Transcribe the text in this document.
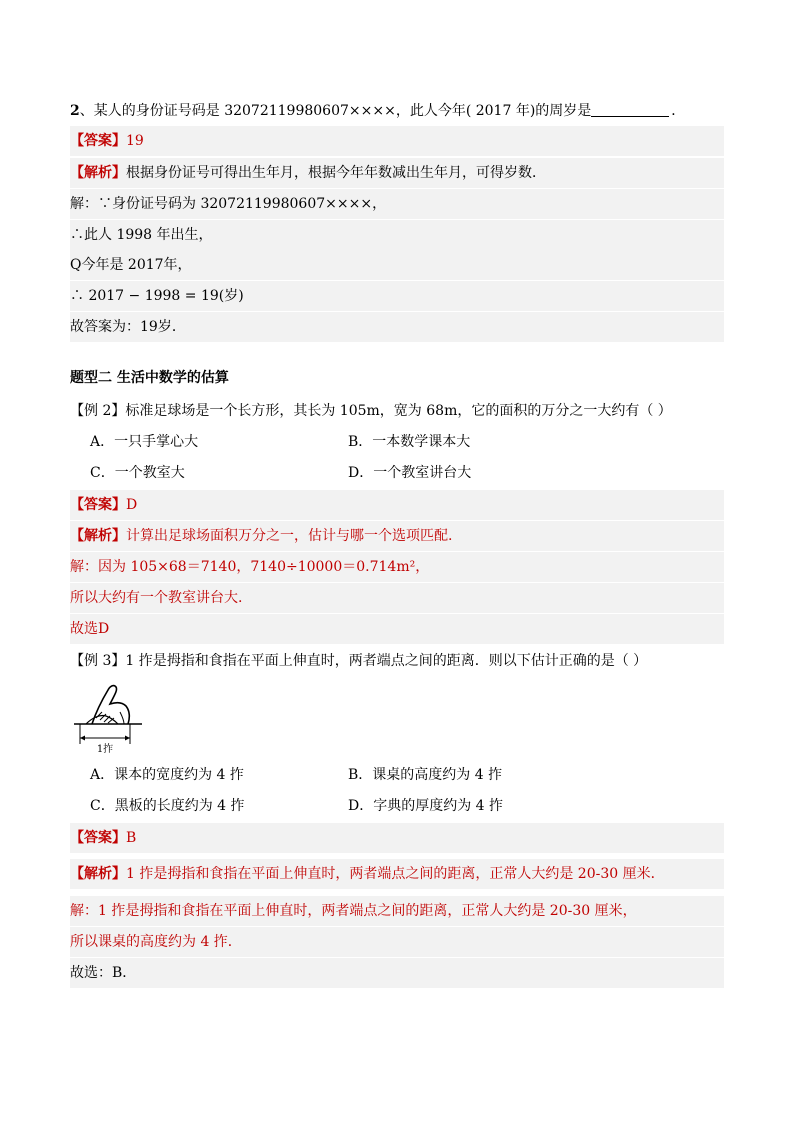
2、某人的身份证号码是 32072119980607××××，此人今年( 2017 年)的周岁是	．
【答案】19
【解析】根据身份证号可得出生年月，根据今年年数减出生年月，可得岁数．
解：∵身份证号码为 32072119980607××××，
∴此人 1998 年出生，
Q今年是 2017年，
∴ 2017 − 1998 = 19(岁)
故答案为：19岁．
题型二 生活中数学的估算
【例 2】标准足球场是一个长方形，其长为 105m，宽为 68m，它的面积的万分之一大约有（ ）
A．一只手掌心大	B．一本数学课本大
C．一个教室大	D．一个教室讲台大
【答案】D
【解析】计算出足球场面积万分之一，估计与哪一个选项匹配.
解：因为 105×68＝7140，7140÷10000＝0.714m²，
所以大约有一个教室讲台大.
故选D
【例 3】1 拃是拇指和食指在平面上伸直时，两者端点之间的距离．则以下估计正确的是（ ）
1拃
A．课本的宽度约为 4 拃	B．课桌的高度约为 4 拃
C．黑板的长度约为 4 拃	D．字典的厚度约为 4 拃
【答案】B
【解析】1 拃是拇指和食指在平面上伸直时，两者端点之间的距离，正常人大约是 20-30 厘米．
解：1 拃是拇指和食指在平面上伸直时，两者端点之间的距离，正常人大约是 20-30 厘米，
所以课桌的高度约为 4 拃．
故选：B．
